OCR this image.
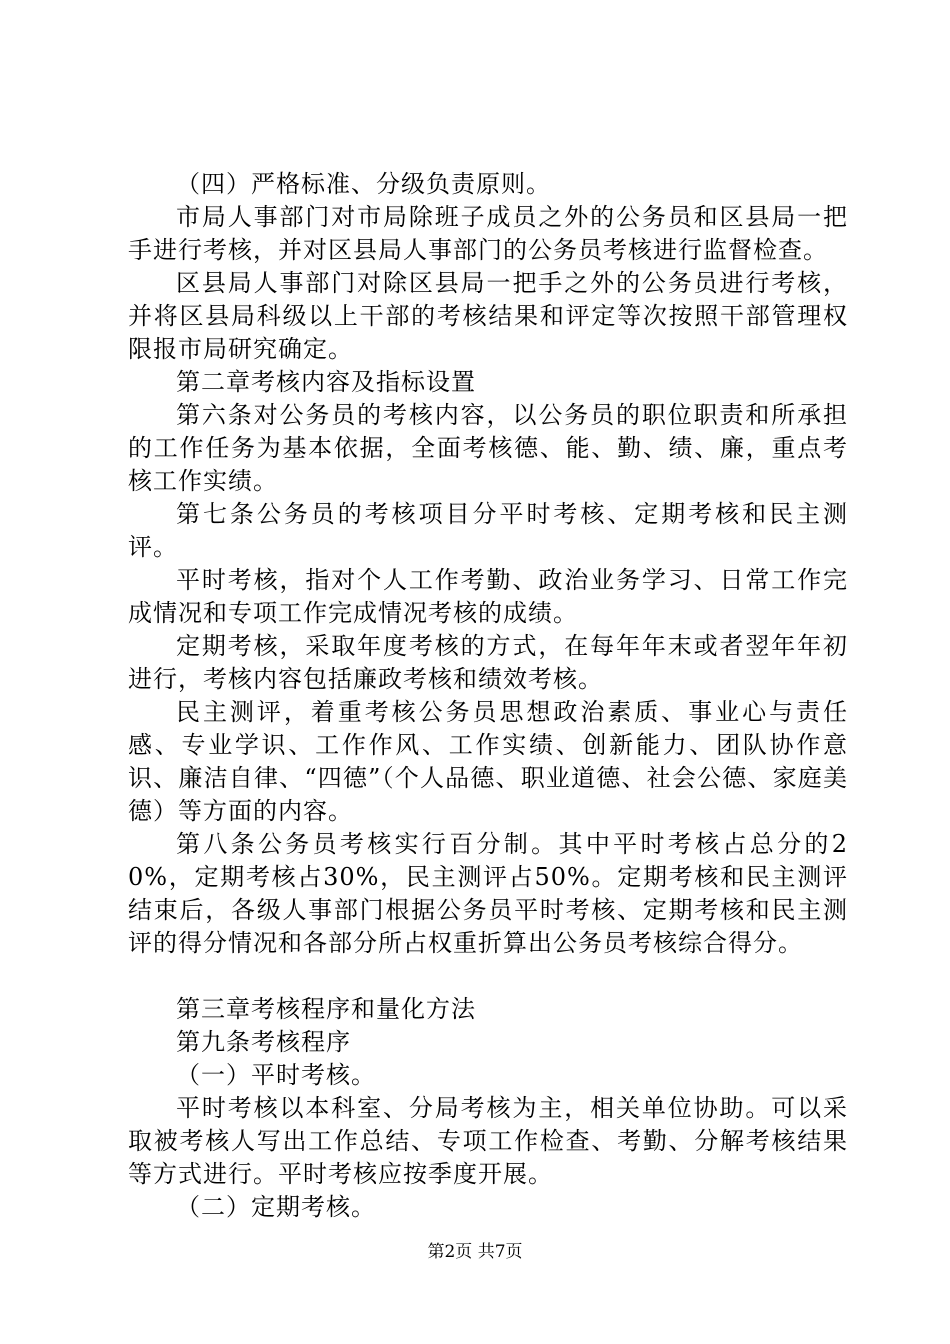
（四）严格标准、分级负责原则。

市局人事部门对市局除班子成员之外的公务员和区县局一把手进行考核，并对区县局人事部门的公务员考核进行监督检查。

区县局人事部门对除区县局一把手之外的公务员进行考核，并将区县局科级以上干部的考核结果和评定等次按照干部管理权限报市局研究确定。

第二章考核内容及指标设置

第六条对公务员的考核内容，以公务员的职位职责和所承担的工作任务为基本依据，全面考核德、能、勤、绩、廉，重点考核工作实绩。

第七条公务员的考核项目分平时考核、定期考核和民主测评。

平时考核，指对个人工作考勤、政治业务学习、日常工作完成情况和专项工作完成情况考核的成绩。

定期考核，采取年度考核的方式，在每年年末或者翌年年初进行，考核内容包括廉政考核和绩效考核。

民主测评，着重考核公务员思想政治素质、事业心与责任感、专业学识、工作作风、工作实绩、创新能力、团队协作意识、廉洁自律、“四德”（个人品德、职业道德、社会公德、家庭美德）等方面的内容。

第八条公务员考核实行百分制。其中平时考核占总分的20%，定期考核占30%，民主测评占50%。定期考核和民主测评结束后，各级人事部门根据公务员平时考核、定期考核和民主测评的得分情况和各部分所占权重折算出公务员考核综合得分。

第三章考核程序和量化方法

第九条考核程序

（一）平时考核。

平时考核以本科室、分局考核为主，相关单位协助。可以采取被考核人写出工作总结、专项工作检查、考勤、分解考核结果等方式进行。平时考核应按季度开展。

（二）定期考核。

第2页 共7页
